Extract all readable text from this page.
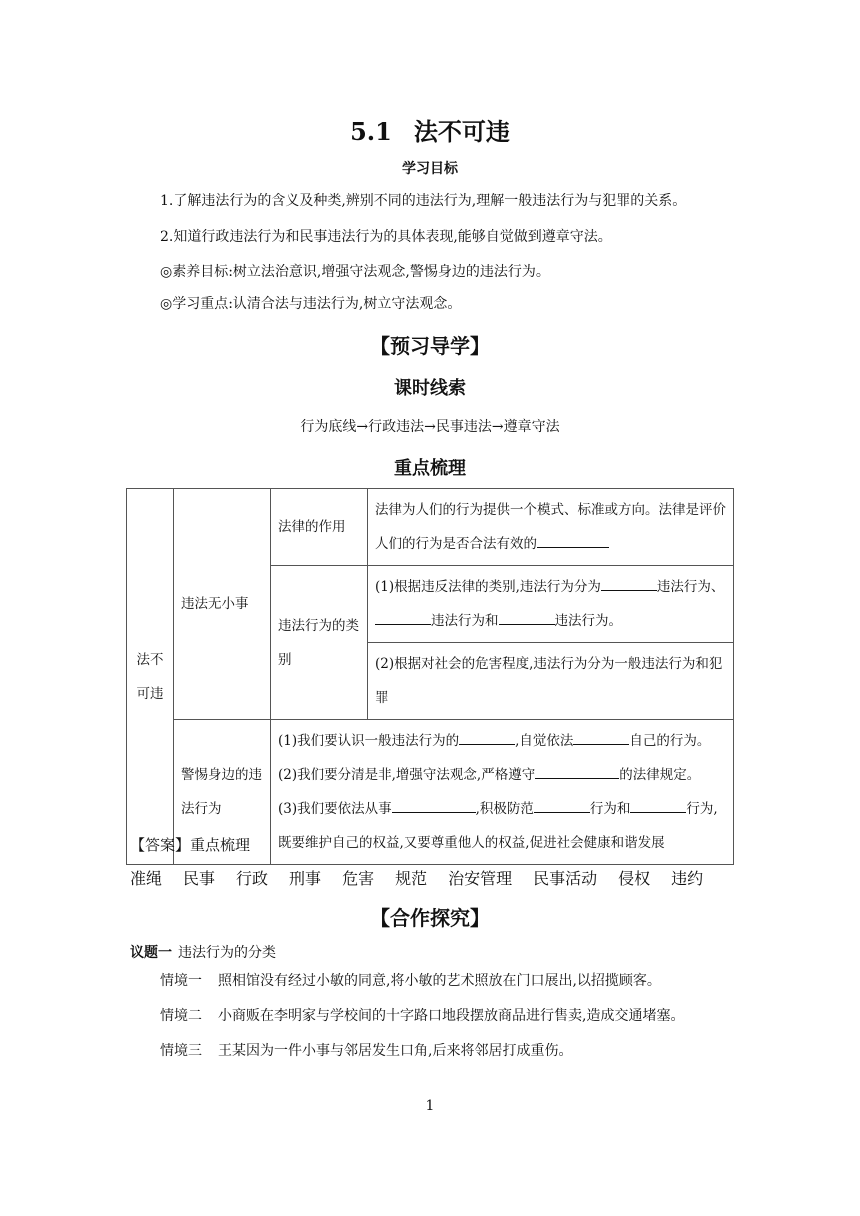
5.1 法不可违
学习目标
1.了解违法行为的含义及种类,辨别不同的违法行为,理解一般违法行为与犯罪的关系。
2.知道行政违法行为和民事违法行为的具体表现,能够自觉做到遵章守法。
◎素养目标:树立法治意识,增强守法观念,警惕身边的违法行为。
◎学习重点:认清合法与违法行为,树立守法观念。
【预习导学】
课时线索
行为底线→行政违法→民事违法→遵章守法
重点梳理
法不可违	违法无小事	法律的作用	法律为人们的行为提供一个模式、标准或方向。法律是评价人们的行为是否合法有效的
		违法行为的类别	(1)根据违反法律的类别,违法行为分为 违法行为、违法行为和 违法行为。
			(2)根据对社会的危害程度,违法行为分为一般违法行为和犯罪
	警惕身边的违法行为	(1)我们要认识一般违法行为的 ,自觉依法 自己的行为。
(2)我们要分清是非,增强守法观念,严格遵守 的法律规定。
(3)我们要依法从事 ,积极防范 行为和 行为,既要维护自己的权益,又要尊重他人的权益,促进社会健康和谐发展	
【答案】重点梳理
准绳 民事 行政 刑事 危害 规范 治安管理 民事活动 侵权 违约
【合作探究】
议题一 违法行为的分类
情境一 照相馆没有经过小敏的同意,将小敏的艺术照放在门口展出,以招揽顾客。
情境二 小商贩在李明家与学校间的十字路口地段摆放商品进行售卖,造成交通堵塞。
情境三 王某因为一件小事与邻居发生口角,后来将邻居打成重伤。
1
